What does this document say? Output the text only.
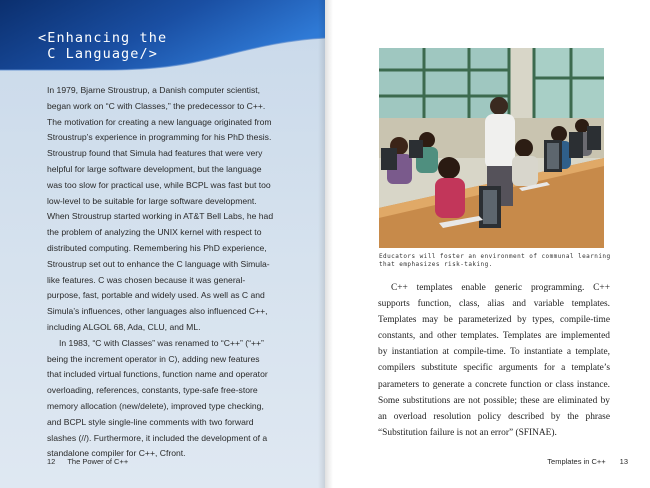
<Enhancing the
C Language/>

In 1979, Bjarne Stroustrup, a Danish computer scientist, began work on “C with Classes,” the predecessor to C++. The motivation for creating a new language originated from Stroustrup’s experience in programming for his PhD thesis. Stroustrup found that Simula had features that were very helpful for large software development, but the language was too slow for practical use, while BCPL was fast but too low-level to be suitable for large software development. When Stroustrup started working in AT&T Bell Labs, he had the problem of analyzing the UNIX kernel with respect to distributed computing. Remembering his PhD experience, Stroustrup set out to enhance the C language with Simula-like features. C was chosen because it was general-purpose, fast, portable and widely used. As well as C and Simula’s influences, other languages also influenced C++, including ALGOL 68, Ada, CLU, and ML.

In 1983, “C with Classes” was renamed to “C++” (“++” being the increment operator in C), adding new features that included virtual functions, function name and operator overloading, references, constants, type-safe free-store memory allocation (new/delete), improved type checking, and BCPL style single-line comments with two forward slashes (//). Furthermore, it included the development of a standalone compiler for C++, Cfront.

12 The Power of C++

Educators will foster an environment of communal learning that emphasizes risk-taking.

C++ templates enable generic programming. C++ supports function, class, alias and variable templates. Templates may be parameterized by types, compile-time constants, and other templates. Templates are implemented by instantiation at compile-time. To instantiate a template, compilers substitute specific arguments for a template’s parameters to generate a concrete function or class instance. Some substitutions are not possible; these are eliminated by an overload resolution policy described by the phrase “Substitution failure is not an error” (SFINAE).

Templates in C++ 13
